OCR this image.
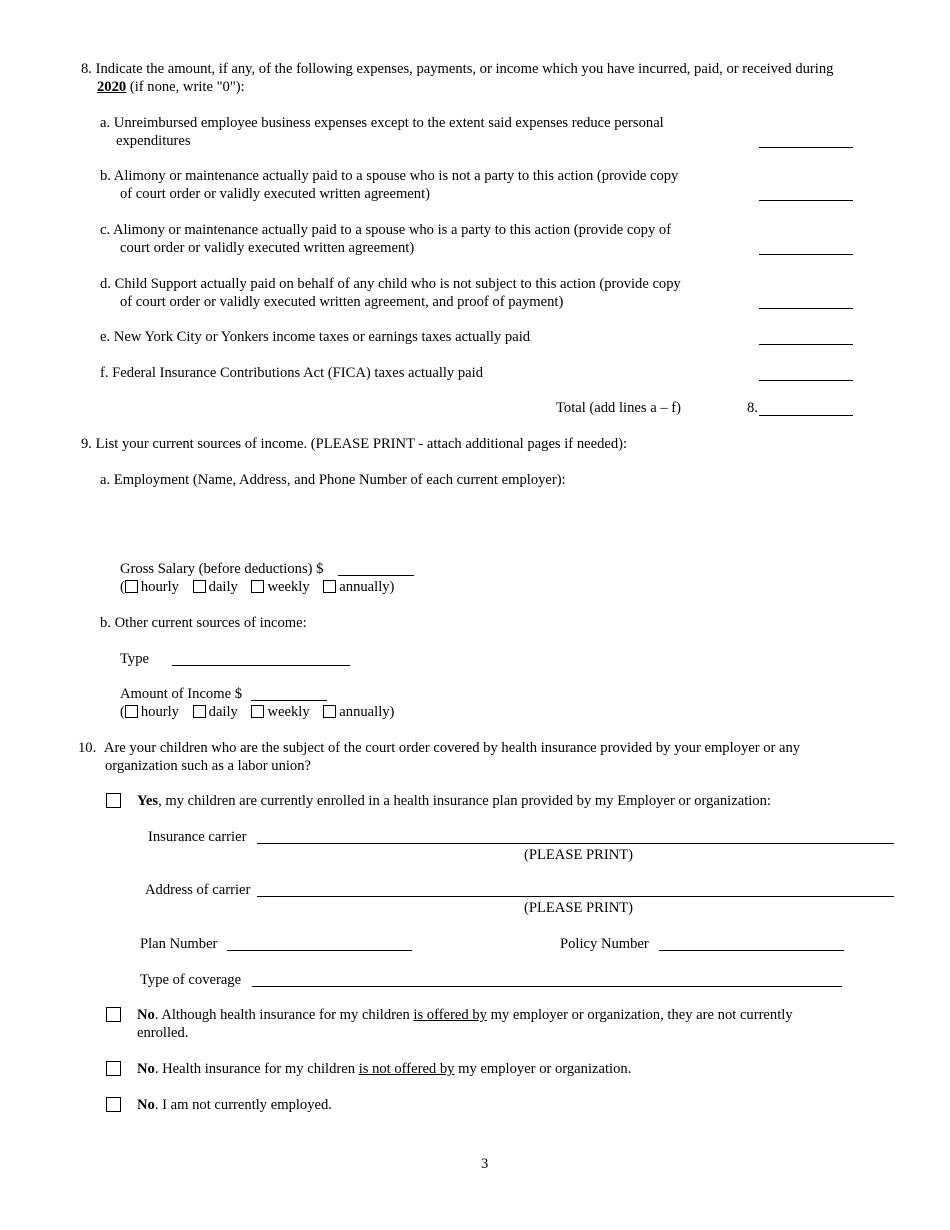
8. Indicate the amount, if any, of the following expenses, payments, or income which you have incurred, paid, or received during
2020 (if none, write "0"):
a. Unreimbursed employee business expenses except to the extent said expenses reduce personal
expenditures
b. Alimony or maintenance actually paid to a spouse who is not a party to this action (provide copy
of court order or validly executed written agreement)
c. Alimony or maintenance actually paid to a spouse who is a party to this action (provide copy of
court order or validly executed written agreement)
d. Child Support actually paid on behalf of any child who is not subject to this action (provide copy
of court order or validly executed written agreement, and proof of payment)
e. New York City or Yonkers income taxes or earnings taxes actually paid
f. Federal Insurance Contributions Act (FICA) taxes actually paid
Total (add lines a – f)	8.
9. List your current sources of income. (PLEASE PRINT - attach additional pages if needed):
a. Employment (Name, Address, and Phone Number of each current employer):
Gross Salary (before deductions) $
( hourly daily weekly annually)
b. Other current sources of income:
Type
Amount of Income $
( hourly daily weekly annually)
10. Are your children who are the subject of the court order covered by health insurance provided by your employer or any
organization such as a labor union?
Yes, my children are currently enrolled in a health insurance plan provided by my Employer or organization:
Insurance carrier
(PLEASE PRINT)
Address of carrier
(PLEASE PRINT)
Plan Number	Policy Number
Type of coverage
No. Although health insurance for my children is offered by my employer or organization, they are not currently
enrolled.
No. Health insurance for my children is not offered by my employer or organization.
No. I am not currently employed.
3
